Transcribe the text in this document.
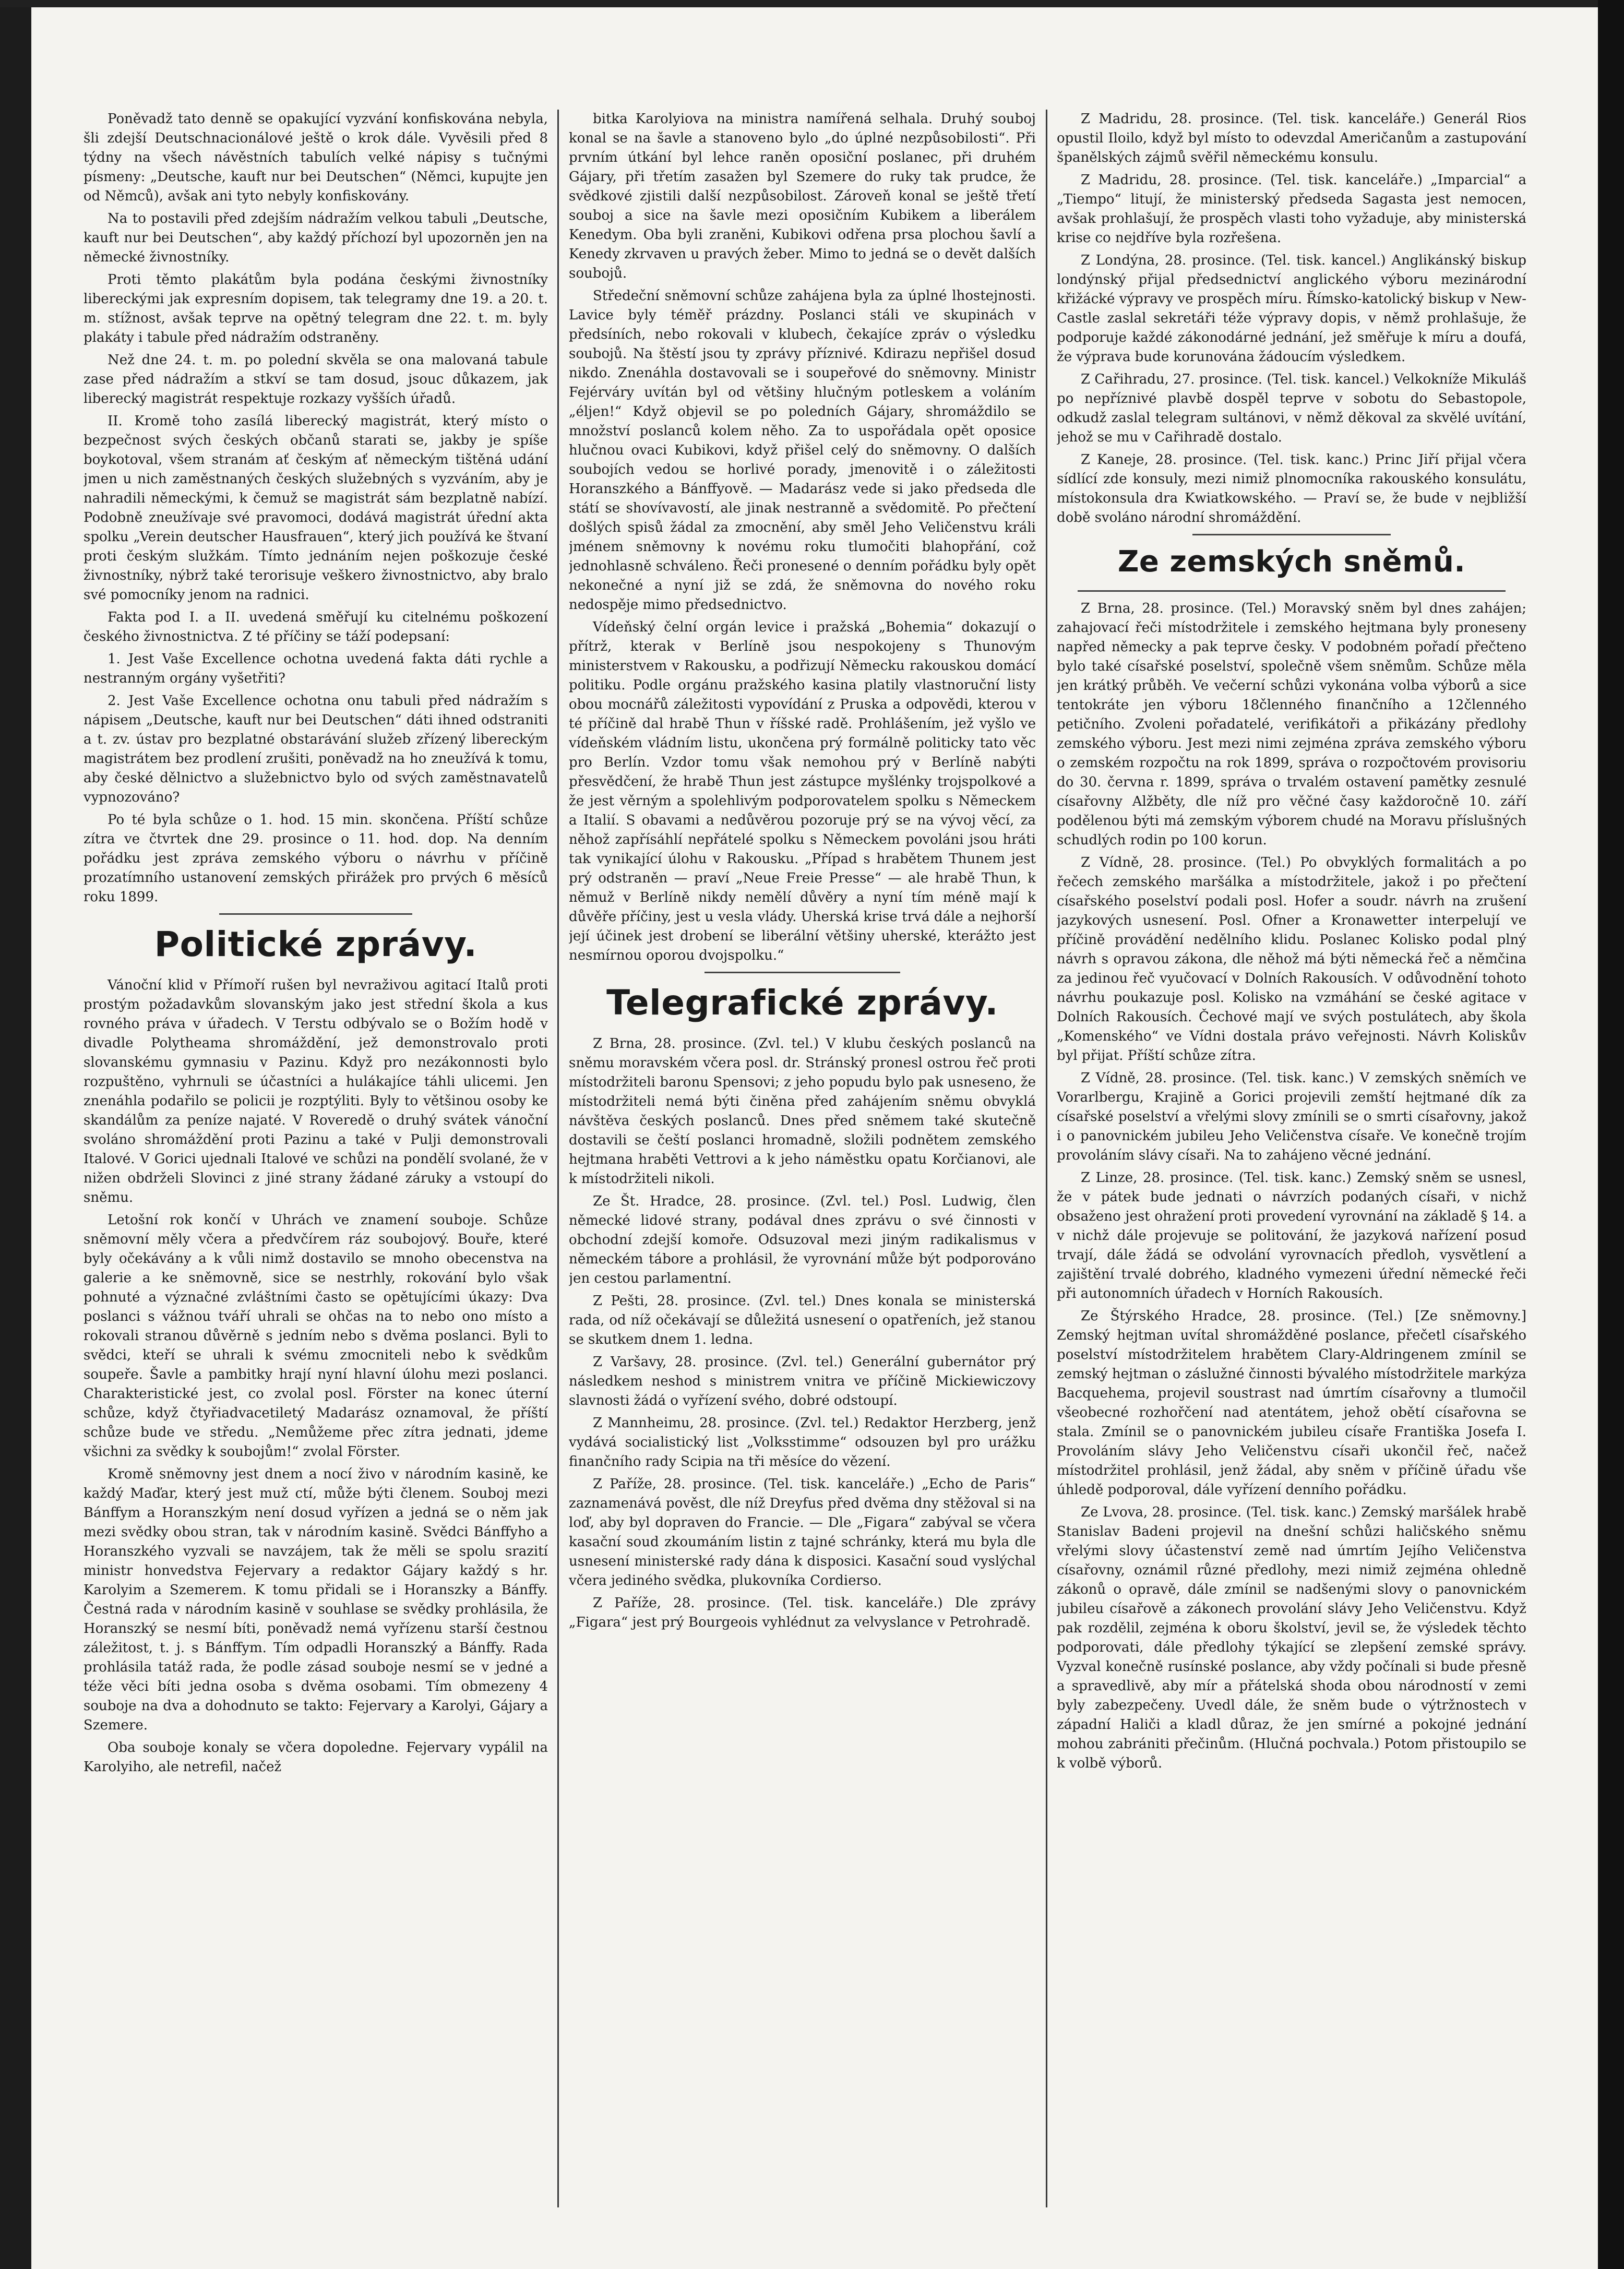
Poněvadž tato denně se opakující vyzvání konfiskována nebyla, šli zdejší Deutschnacionálové ještě o krok dále. Vyvěsili před 8 týdny na všech návěstních tabulích velké nápisy s tučnými písmeny: „Deutsche, kauft nur bei Deutschen“ (Němci, kupujte jen od Němců), avšak ani tyto nebyly konfiskovány.

Na to postavili před zdejším nádražím velkou tabuli „Deutsche, kauft nur bei Deutschen“, aby každý příchozí byl upozorněn jen na německé živnostníky.

Proti těmto plakátům byla podána českými živnostníky libereckými jak expresním dopisem, tak telegramy dne 19. a 20. t. m. stížnost, avšak teprve na opětný telegram dne 22. t. m. byly plakáty i tabule před nádražím odstraněny.

Než dne 24. t. m. po polední skvěla se ona malovaná tabule zase před nádražím a stkví se tam dosud, jsouc důkazem, jak liberecký magistrát respektuje rozkazy vyšších úřadů.

II. Kromě toho zasílá liberecký magistrát, který místo o bezpečnost svých českých občanů starati se, jakby je spíše boykotoval, všem stranám ať českým ať německým tištěná udání jmen u nich zaměstnaných českých služebných s vyzváním, aby je nahradili německými, k čemuž se magistrát sám bezplatně nabízí. Podobně zneužívaje své pravomoci, dodává magistrát úřední akta spolku „Verein deutscher Hausfrauen“, který jich používá ke štvaní proti českým služkám. Tímto jednáním nejen poškozuje české živnostníky, nýbrž také terorisuje veškero živnostnictvo, aby bralo své pomocníky jenom na radnici.

Fakta pod I. a II. uvedená směřují ku citelnému poškození českého živnostnictva. Z té příčiny se táží podepsaní:

1. Jest Vaše Excellence ochotna uvedená fakta dáti rychle a nestranným orgány vyšetřiti?

2. Jest Vaše Excellence ochotna onu tabuli před nádražím s nápisem „Deutsche, kauft nur bei Deutschen“ dáti ihned odstraniti a t. zv. ústav pro bezplatné obstarávání služeb zřízený libereckým magistrátem bez prodlení zrušiti, poněvadž na ho zneužívá k tomu, aby české dělnictvo a služebnictvo bylo od svých zaměstnavatelů vypnozováno?

Po té byla schůze o 1. hod. 15 min. skončena. Příští schůze zítra ve čtvrtek dne 29. prosince o 11. hod. dop. Na denním pořádku jest zpráva zemského výboru o návrhu v příčině prozatímního ustanovení zemských přirážek pro prvých 6 měsíců roku 1899.

Politické zprávy.

Vánoční klid v Přímoří rušen byl nevraživou agitací Italů proti prostým požadavkům slovanským jako jest střední škola a kus rovného práva v úřadech. V Terstu odbývalo se o Božím hodě v divadle Polytheama shromáždění, jež demonstrovalo proti slovanskému gymnasiu v Pazinu. Když pro nezákonnosti bylo rozpuštěno, vyhrnuli se účastníci a hulákajíce táhli ulicemi. Jen znenáhla podařilo se policii je rozptýliti. Byly to většinou osoby ke skandálům za peníze najaté. V Roveredě o druhý svátek vánoční svoláno shromáždění proti Pazinu a také v Pulji demonstrovali Italové. V Gorici ujednali Italové ve schůzi na pondělí svolané, že v nižen obdrželi Slovinci z jiné strany žádané záruky a vstoupí do sněmu.

Letošní rok končí v Uhrách ve znamení souboje. Schůze sněmovní měly včera a předvčírem ráz soubojový. Bouře, které byly očekávány a k vůli nimž dostavilo se mnoho obecenstva na galerie a ke sněmovně, sice se nestrhly, rokování bylo však pohnuté a význačné zvláštními často se opětujícími úkazy: Dva poslanci s vážnou tváří uhrali se ohčas na to nebo ono místo a rokovali stranou důvěrně s jedním nebo s dvěma poslanci. Byli to svědci, kteří se uhrali k svému zmocniteli nebo k svědkům soupeře. Šavle a pambitky hrají nyní hlavní úlohu mezi poslanci. Charakteristické jest, co zvolal posl. Förster na konec úterní schůze, když čtyřiadvacetiletý Madarász oznamoval, že příští schůze bude ve středu. „Nemůžeme přec zítra jednati, jdeme všichni za svědky k soubojům!“ zvolal Förster.

Kromě sněmovny jest dnem a nocí živo v národním kasině, ke každý Maďar, který jest muž ctí, může býti členem. Souboj mezi Bánffym a Horanszkým není dosud vyřízen a jedná se o něm jak mezi svědky obou stran, tak v národním kasině. Svědci Bánffyho a Horanszkého vyzvali se navzájem, tak že měli se spolu srazití ministr honvedstva Fejervary a redaktor Gájary každý s hr. Karolyim a Szemerem. K tomu přidali se i Horanszky a Bánffy. Čestná rada v národním kasině v souhlase se svědky prohlásila, že Horanszký se nesmí bíti, poněvadž nemá vyřízenu starší čestnou záležitost, t. j. s Bánffym. Tím odpadli Horanszký a Bánffy. Rada prohlásila tatáž rada, že podle zásad souboje nesmí se v jedné a téže věci bíti jedna osoba s dvěma osobami. Tím obmezeny 4 souboje na dva a dohodnuto se takto: Fejervary a Karolyi, Gájary a Szemere.

Oba souboje konaly se včera dopoledne. Fejervary vypálil na Karolyiho, ale netrefil, načež

bitka Karolyiova na ministra namířená selhala. Druhý souboj konal se na šavle a stanoveno bylo „do úplné nezpůsobilosti“. Při prvním útkání byl lehce raněn oposiční poslanec, při druhém Gájary, při třetím zasažen byl Szemere do ruky tak prudce, že svědkové zjistili další nezpůsobilost. Zároveň konal se ještě třetí souboj a sice na šavle mezi oposičním Kubikem a liberálem Kenedym. Oba byli zraněni, Kubikovi odřena prsa plochou šavlí a Kenedy zkrvaven u pravých žeber. Mimo to jedná se o devět dalších soubojů.

Středeční sněmovní schůze zahájena byla za úplné lhostejnosti. Lavice byly téměř prázdny. Poslanci stáli ve skupinách v předsíních, nebo rokovali v klubech, čekajíce zpráv o výsledku soubojů. Na štěstí jsou ty zprávy příznivé. Kdirazu nepřišel dosud nikdo. Znenáhla dostavovali se i soupeřové do sněmovny. Ministr Fejérváry uvítán byl od většiny hlučným potleskem a voláním „éljen!“ Když objevil se po poledních Gájary, shromáždilo se množství poslanců kolem něho. Za to uspořádala opět oposice hlučnou ovaci Kubikovi, když přišel celý do sněmovny. O dalších soubojích vedou se horlivé porady, jmenovitě i o záležitosti Horanszkého a Bánffyově. — Madarász vede si jako předseda dle státí se shovívavostí, ale jinak nestranně a svědomitě. Po přečtení došlých spisů žádal za zmocnění, aby směl Jeho Veličenstvu králi jménem sněmovny k novému roku tlumočiti blahopřání, což jednohlasně schváleno. Řeči pronesené o denním pořádku byly opět nekonečné a nyní již se zdá, že sněmovna do nového roku nedospěje mimo předsednictvo.

Vídeňský čelní orgán levice i pražská „Bohemia“ dokazují o přítrž, kterak v Berlíně jsou nespokojeny s Thunovým ministerstvem v Rakousku, a podřizují Německu rakouskou domácí politiku. Podle orgánu pražského kasina platily vlastnoruční listy obou mocnářů záležitosti vypovídání z Pruska a odpovědi, kterou v té příčině dal hrabě Thun v říšské radě. Prohlášením, jež vyšlo ve vídeňském vládním listu, ukončena prý formálně politicky tato věc pro Berlín. Vzdor tomu však nemohou prý v Berlíně nabýti přesvědčení, že hrabě Thun jest zástupce myšlénky trojspolkové a že jest věrným a spolehlivým podporovatelem spolku s Německem a Italií. S obavami a nedůvěrou pozoruje prý se na vývoj věcí, za něhož zapřísáhlí nepřátelé spolku s Německem povoláni jsou hráti tak vynikající úlohu v Rakousku. „Případ s hrabětem Thunem jest prý odstraněn — praví „Neue Freie Presse“ — ale hrabě Thun, k němuž v Berlíně nikdy nemělí důvěry a nyní tím méně mají k důvěře příčiny, jest u vesla vlády. Uherská krise trvá dále a nejhorší její účinek jest drobení se liberální většiny uherské, kterážto jest nesmírnou oporou dvojspolku.“

Telegrafické zprávy.

Z Brna, 28. prosince. (Zvl. tel.) V klubu českých poslanců na sněmu moravském včera posl. dr. Stránský pronesl ostrou řeč proti místodržiteli baronu Spensovi; z jeho popudu bylo pak usneseno, že místodržiteli nemá býti činěna před zahájením sněmu obvyklá návštěva českých poslanců. Dnes před sněmem také skutečně dostavili se čeští poslanci hromadně, složili podnětem zemského hejtmana hraběti Vettrovi a k jeho náměstku opatu Korčianovi, ale k místodržiteli nikoli.

Ze Št. Hradce, 28. prosince. (Zvl. tel.) Posl. Ludwig, člen německé lidové strany, podával dnes zprávu o své činnosti v obchodní zdejší komoře. Odsuzoval mezi jiným radikalismus v německém tábore a prohlásil, že vyrovnání může být podporováno jen cestou parlamentní.

Z Pešti, 28. prosince. (Zvl. tel.) Dnes konala se ministerská rada, od níž očekávají se důležitá usnesení o opatřeních, jež stanou se skutkem dnem 1. ledna.

Z Varšavy, 28. prosince. (Zvl. tel.) Generální gubernátor prý následkem neshod s ministrem vnitra ve příčině Mickiewiczovy slavnosti žádá o vyřízení svého, dobré odstoupí.

Z Mannheimu, 28. prosince. (Zvl. tel.) Redaktor Herzberg, jenž vydává socialistický list „Volksstimme“ odsouzen byl pro urážku finančního rady Scipia na tři měsíce do vězení.

Z Paříže, 28. prosince. (Tel. tisk. kanceláře.) „Echo de Paris“ zaznamenává pověst, dle níž Dreyfus před dvěma dny stěžoval si na loď, aby byl dopraven do Francie. — Dle „Figara“ zabýval se včera kasační soud zkoumáním listin z tajné schránky, která mu byla dle usnesení ministerské rady dána k disposici. Kasační soud vyslýchal včera jediného svědka, plukovníka Cordierso.

Z Paříže, 28. prosince. (Tel. tisk. kanceláře.) Dle zprávy „Figara“ jest prý Bourgeois vyhlédnut za velvyslance v Petrohradě.

Z Madridu, 28. prosince. (Tel. tisk. kanceláře.) Generál Rios opustil Iloilo, když byl místo to odevzdal Američanům a zastupování španělských zájmů svěřil německému konsulu.

Z Madridu, 28. prosince. (Tel. tisk. kanceláře.) „Imparcial“ a „Tiempo“ litují, že ministerský předseda Sagasta jest nemocen, avšak prohlašují, že prospěch vlasti toho vyžaduje, aby ministerská krise co nejdříve byla rozřešena.

Z Londýna, 28. prosince. (Tel. tisk. kancel.) Anglikánský biskup londýnský přijal předsednictví anglického výboru mezinárodní křižácké výpravy ve prospěch míru. Římsko-katolický biskup v New-Castle zaslal sekretáři téže výpravy dopis, v němž prohlašuje, že podporuje každé zákonodárné jednání, jež směřuje k míru a doufá, že výprava bude korunována žádoucím výsledkem.

Z Cařihradu, 27. prosince. (Tel. tisk. kancel.) Velkokníže Mikuláš po nepříznivé plavbě dospěl teprve v sobotu do Sebastopole, odkudž zaslal telegram sultánovi, v němž děkoval za skvělé uvítání, jehož se mu v Cařihradě dostalo.

Z Kaneje, 28. prosince. (Tel. tisk. kanc.) Princ Jiří přijal včera sídlící zde konsuly, mezi nimiž plnomocníka rakouského konsulátu, místokonsula dra Kwiatkowského. — Praví se, že bude v nejbližší době svoláno národní shromáždění.

Ze zemských sněmů.

Z Brna, 28. prosince. (Tel.) Moravský sněm byl dnes zahájen; zahajovací řeči místodržitele i zemského hejtmana byly proneseny napřed německy a pak teprve česky. V podobném pořadí přečteno bylo také císařské poselství, společně všem sněmům. Schůze měla jen krátký průběh. Ve večerní schůzi vykonána volba výborů a sice tentokráte jen výboru 18členného finančního a 12členného petičního. Zvoleni pořadatelé, verifikátoři a přikázány předlohy zemského výboru. Jest mezi nimi zejména zpráva zemského výboru o zemském rozpočtu na rok 1899, správa o rozpočtovém provisoriu do 30. června r. 1899, správa o trvalém ostavení pamětky zesnulé císařovny Alžběty, dle níž pro věčné časy každoročně 10. září podělenou býti má zemským výborem chudé na Moravu příslušných schudlých rodin po 100 korun.

Z Vídně, 28. prosince. (Tel.) Po obvyklých formalitách a po řečech zemského maršálka a místodržitele, jakož i po přečtení císařského poselství podali posl. Hofer a soudr. návrh na zrušení jazykových usnesení. Posl. Ofner a Kronawetter interpelují ve příčině provádění nedělního klidu. Poslanec Kolisko podal plný návrh s opravou zákona, dle něhož má býti německá řeč a němčina za jedinou řeč vyučovací v Dolních Rakousích. V odůvodnění tohoto návrhu poukazuje posl. Kolisko na vzmáhání se české agitace v Dolních Rakousích. Čechové mají ve svých postulátech, aby škola „Komenského“ ve Vídni dostala právo veřejnosti. Návrh Koliskův byl přijat. Příští schůze zítra.

Z Vídně, 28. prosince. (Tel. tisk. kanc.) V zemských sněmích ve Vorarlbergu, Krajině a Gorici projevili zemští hejtmané dík za císařské poselství a vřelými slovy zmínili se o smrti císařovny, jakož i o panovnickém jubileu Jeho Veličenstva císaře. Ve konečně trojím provoláním slávy císaři. Na to zahájeno věcné jednání.

Z Linze, 28. prosince. (Tel. tisk. kanc.) Zemský sněm se usnesl, že v pátek bude jednati o návrzích podaných císaři, v nichž obsaženo jest ohražení proti provedení vyrovnání na základě § 14. a v nichž dále projevuje se politování, že jazyková nařízení posud trvají, dále žádá se odvolání vyrovnacích předloh, vysvětlení a zajištění trvalé dobrého, kladného vymezeni úřední německé řeči při autonomních úřadech v Horních Rakousích.

Ze Štýrského Hradce, 28. prosince. (Tel.) [Ze sněmovny.] Zemský hejtman uvítal shromážděné poslance, přečetl císařského poselství místodržitelem hrabětem Clary-Aldringenem zmínil se zemský hejtman o záslužné činnosti bývalého místodržitele markýza Bacquehema, projevil soustrast nad úmrtím císařovny a tlumočil všeobecné rozhořčení nad atentátem, jehož obětí císařovna se stala. Zmínil se o panovnickém jubileu císaře Františka Josefa I. Provoláním slávy Jeho Veličenstvu císaři ukončil řeč, načež místodržitel prohlásil, jenž žádal, aby sněm v příčině úřadu vše úhledě podporoval, dále vyřízení denního pořádku.

Ze Lvova, 28. prosince. (Tel. tisk. kanc.) Zemský maršálek hrabě Stanislav Badeni projevil na dnešní schůzi haličského sněmu vřelými slovy účastenství země nad úmrtím Jejího Veličenstva císařovny, oznámil různé předlohy, mezi nimiž zejména ohledně zákonů o opravě, dále zmínil se nadšenými slovy o panovnickém jubileu císařově a zákonech provolání slávy Jeho Veličenstvu. Když pak rozdělil, zejména k oboru školství, jevil se, že výsledek těchto podporovati, dále předlohy týkající se zlepšení zemské správy. Vyzval konečně rusínské poslance, aby vždy počínali si bude přesně a spravedlivě, aby mír a přátelská shoda obou národností v zemi byly zabezpečeny. Uvedl dále, že sněm bude o výtržnostech v západní Haliči a kladl důraz, že jen smírné a pokojné jednání mohou zabrániti přečinům. (Hlučná pochvala.) Potom přistoupilo se k volbě výborů.
